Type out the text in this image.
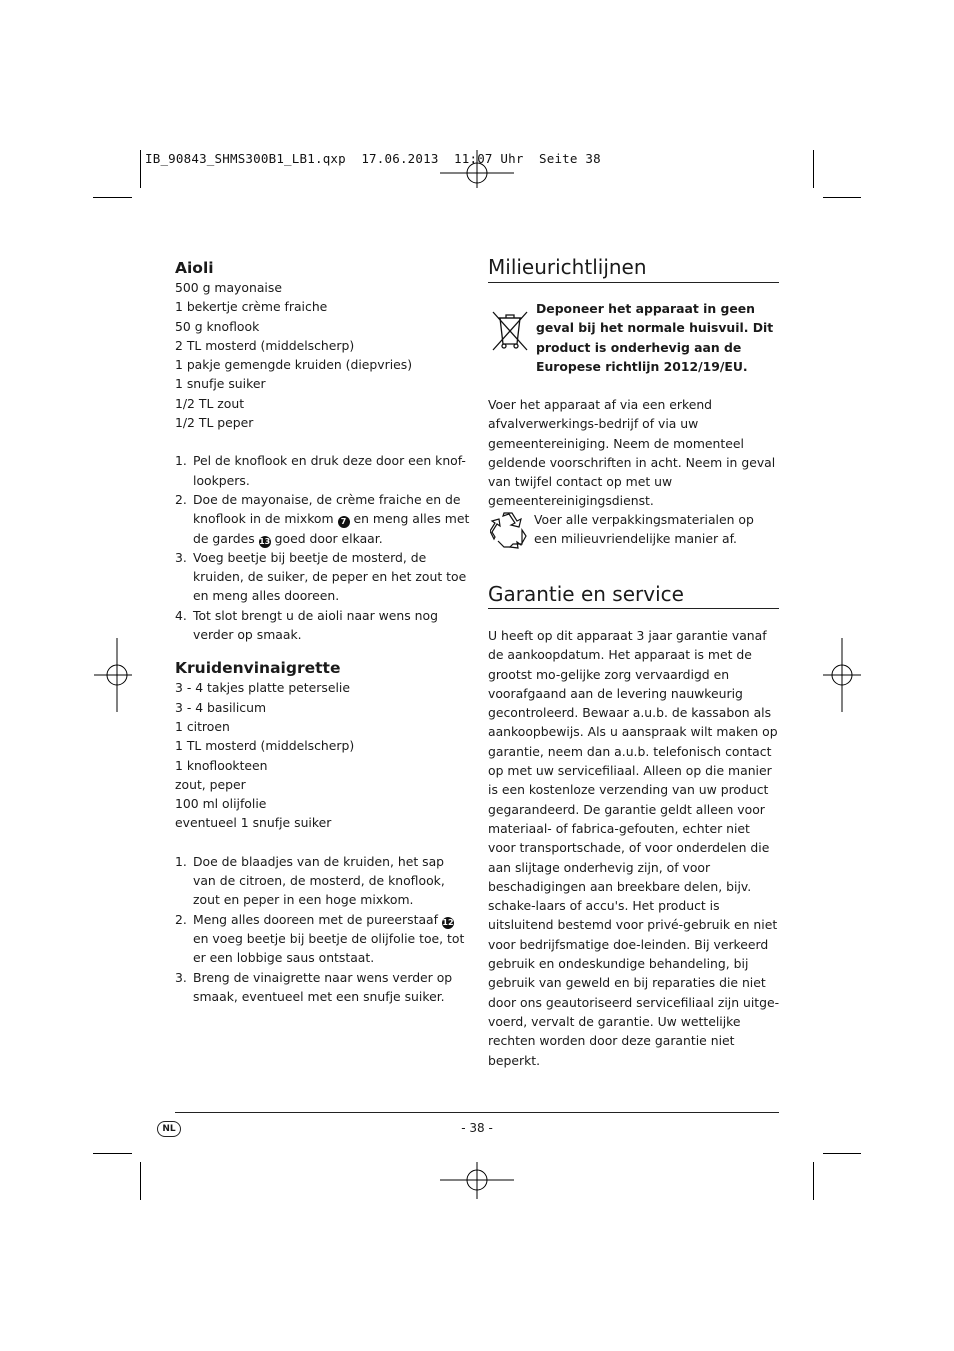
IB_90843_SHMS300B1_LB1.qxp  17.06.2013  11:07 Uhr  Seite 38
Aioli

500 g mayonaise

1 bekertje crème fraiche

50 g knoflook

2 TL mosterd (middelscherp)

1 pakje gemengde kruiden (diepvries)

1 snufje suiker

1/2 TL zout

1/2 TL peper

1. Pel de knoflook en druk deze door een knof-lookpers.
2. Doe de mayonaise, de crème fraiche en de knoflook in de mixkom 7 en meng alles met de gardes 13 goed door elkaar.
3. Voeg beetje bij beetje de mosterd, de kruiden, de suiker, de peper en het zout toe en meng alles dooreen.
4. Tot slot brengt u de aioli naar wens nog verder op smaak.
Kruidenvinaigrette

3 - 4 takjes platte peterselie

3 - 4 basilicum

1 citroen

1 TL mosterd (middelscherp)

1 knoflookteen

zout, peper

100 ml olijfolie

eventueel 1 snufje suiker

1. Doe de blaadjes van de kruiden, het sap van de citroen, de mosterd, de knoflook, zout en peper in een hoge mixkom.
2. Meng alles dooreen met de pureerstaaf 12 en voeg beetje bij beetje de olijfolie toe, tot er een lobbige saus ontstaat.
3. Breng de vinaigrette naar wens verder op smaak, eventueel met een snufje suiker.
Milieurichtlijnen
Deponeer het apparaat in geen geval bij het normale huisvuil. Dit product is onderhevig aan de Europese richtlijn 2012/19/EU.
Voer het apparaat af via een erkend afvalverwerkings-bedrijf of via uw gemeentereiniging. Neem de momenteel geldende voorschriften in acht. Neem in geval van twijfel contact op met uw gemeentereinigingsdienst.
Voer alle verpakkingsmaterialen op een milieuvriendelijke manier af.
Garantie en service
U heeft op dit apparaat 3 jaar garantie vanaf de aankoopdatum. Het apparaat is met de grootst mo-gelijke zorg vervaardigd en voorafgaand aan de levering nauwkeurig gecontroleerd. Bewaar a.u.b. de kassabon als aankoopbewijs. Als u aanspraak wilt maken op garantie, neem dan a.u.b. telefonisch contact op met uw servicefiliaal. Alleen op die manier is een kostenloze verzending van uw product gegarandeerd. De garantie geldt alleen voor materiaal- of fabrica-gefouten, echter niet voor transportschade, of voor onderdelen die aan slijtage onderhevig zijn, of voor beschadigingen aan breekbare delen, bijv. schake-laars of accu's. Het product is uitsluitend bestemd voor privé-gebruik en niet voor bedrijfsmatige doe-leinden. Bij verkeerd gebruik en ondeskundige behandeling, bij gebruik van geweld en bij reparaties die niet door ons geautoriseerd servicefiliaal zijn uitge-voerd, vervalt de garantie. Uw wettelijke rechten worden door deze garantie niet beperkt.
NL	- 38 -
